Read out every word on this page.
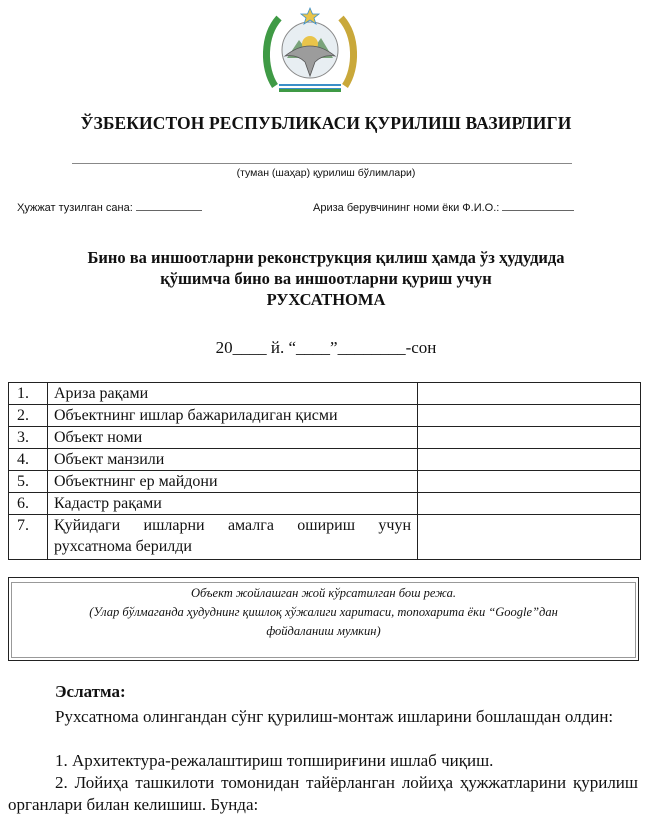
ЎЗБЕКИСТОН РЕСПУБЛИКАСИ ҚУРИЛИШ ВАЗИРЛИГИ
(туман (шаҳар) қурилиш бўлимлари)
Ҳужжат тузилган сана:	Ариза берувчининг номи ёки Ф.И.О.:
Бино ва иншоотларни реконструкция қилиш ҳамда ўз ҳудудида
қўшимча бино ва иншоотларни қуриш учун
РУХСАТНОМА
20____ й. “____”________-сон
1.	Ариза рақами	
2.	Объектнинг ишлар бажариладиган қисми	
3.	Объект номи	
4.	Объект манзили	
5.	Объектнинг ер майдони	
6.	Кадастр рақами	
7.	Қуйидаги ишларни амалга ошириш учун рухсатнома берилди	
Объект жойлашган жой кўрсатилган бош режа.
(Улар бўлмаганда ҳудуднинг қишлоқ хўжалиги харитаси, топохарита ёки “Google”дан
фойдаланиш мумкин)
Эслатма:
Рухсатнома олингандан сўнг қурилиш-монтаж ишларини бошлашдан олдин:
1. Архитектура-режалаштириш топшириғини ишлаб чиқиш.
2. Лойиҳа ташкилоти томонидан тайёрланган лойиҳа ҳужжатларини қурилиш органлари билан келишиш. Бунда:
